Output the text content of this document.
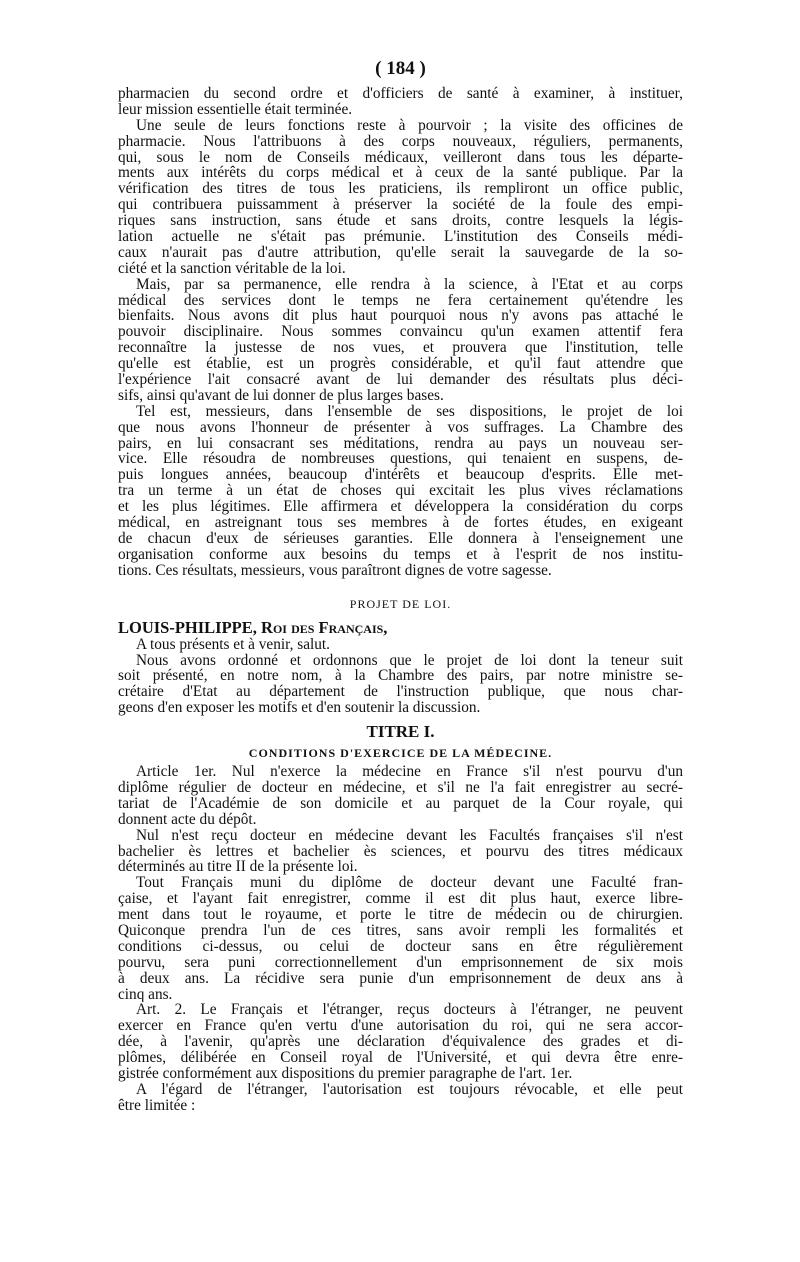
( 184 )
pharmacien du second ordre et d'officiers de santé à examiner, à instituer,
leur mission essentielle était terminée.
Une seule de leurs fonctions reste à pourvoir ; la visite des officines de
pharmacie. Nous l'attribuons à des corps nouveaux, réguliers, permanents,
qui, sous le nom de Conseils médicaux, veilleront dans tous les départe-
ments aux intérêts du corps médical et à ceux de la santé publique. Par la
vérification des titres de tous les praticiens, ils rempliront un office public,
qui contribuera puissamment à préserver la société de la foule des empi-
riques sans instruction, sans étude et sans droits, contre lesquels la légis-
lation actuelle ne s'était pas prémunie. L'institution des Conseils médi-
caux n'aurait pas d'autre attribution, qu'elle serait la sauvegarde de la so-
ciété et la sanction véritable de la loi.
Mais, par sa permanence, elle rendra à la science, à l'Etat et au corps
médical des services dont le temps ne fera certainement qu'étendre les
bienfaits. Nous avons dit plus haut pourquoi nous n'y avons pas attaché le
pouvoir disciplinaire. Nous sommes convaincu qu'un examen attentif fera
reconnaître la justesse de nos vues, et prouvera que l'institution, telle
qu'elle est établie, est un progrès considérable, et qu'il faut attendre que
l'expérience l'ait consacré avant de lui demander des résultats plus déci-
sifs, ainsi qu'avant de lui donner de plus larges bases.
Tel est, messieurs, dans l'ensemble de ses dispositions, le projet de loi
que nous avons l'honneur de présenter à vos suffrages. La Chambre des
pairs, en lui consacrant ses méditations, rendra au pays un nouveau ser-
vice. Elle résoudra de nombreuses questions, qui tenaient en suspens, de-
puis longues années, beaucoup d'intérêts et beaucoup d'esprits. Elle met-
tra un terme à un état de choses qui excitait les plus vives réclamations
et les plus légitimes. Elle affirmera et développera la considération du corps
médical, en astreignant tous ses membres à de fortes études, en exigeant
de chacun d'eux de sérieuses garanties. Elle donnera à l'enseignement une
organisation conforme aux besoins du temps et à l'esprit de nos institu-
tions. Ces résultats, messieurs, vous paraîtront dignes de votre sagesse.
PROJET DE LOI.
LOUIS-PHILIPPE, Roi des Français,
A tous présents et à venir, salut.
Nous avons ordonné et ordonnons que le projet de loi dont la teneur suit
soit présenté, en notre nom, à la Chambre des pairs, par notre ministre se-
crétaire d'Etat au département de l'instruction publique, que nous char-
geons d'en exposer les motifs et d'en soutenir la discussion.
TITRE I.
CONDITIONS D'EXERCICE DE LA MÉDECINE.
Article 1er. Nul n'exerce la médecine en France s'il n'est pourvu d'un
diplôme régulier de docteur en médecine, et s'il ne l'a fait enregistrer au secré-
tariat de l'Académie de son domicile et au parquet de la Cour royale, qui
donnent acte du dépôt.
Nul n'est reçu docteur en médecine devant les Facultés françaises s'il n'est
bachelier ès lettres et bachelier ès sciences, et pourvu des titres médicaux
déterminés au titre II de la présente loi.
Tout Français muni du diplôme de docteur devant une Faculté fran-
çaise, et l'ayant fait enregistrer, comme il est dit plus haut, exerce libre-
ment dans tout le royaume, et porte le titre de médecin ou de chirurgien.
Quiconque prendra l'un de ces titres, sans avoir rempli les formalités et
conditions ci-dessus, ou celui de docteur sans en être régulièrement
pourvu, sera puni correctionnellement d'un emprisonnement de six mois
à deux ans. La récidive sera punie d'un emprisonnement de deux ans à
cinq ans.
Art. 2. Le Français et l'étranger, reçus docteurs à l'étranger, ne peuvent
exercer en France qu'en vertu d'une autorisation du roi, qui ne sera accor-
dée, à l'avenir, qu'après une déclaration d'équivalence des grades et di-
plômes, délibérée en Conseil royal de l'Université, et qui devra être enre-
gistrée conformément aux dispositions du premier paragraphe de l'art. 1er.
A l'égard de l'étranger, l'autorisation est toujours révocable, et elle peut
être limitée :
